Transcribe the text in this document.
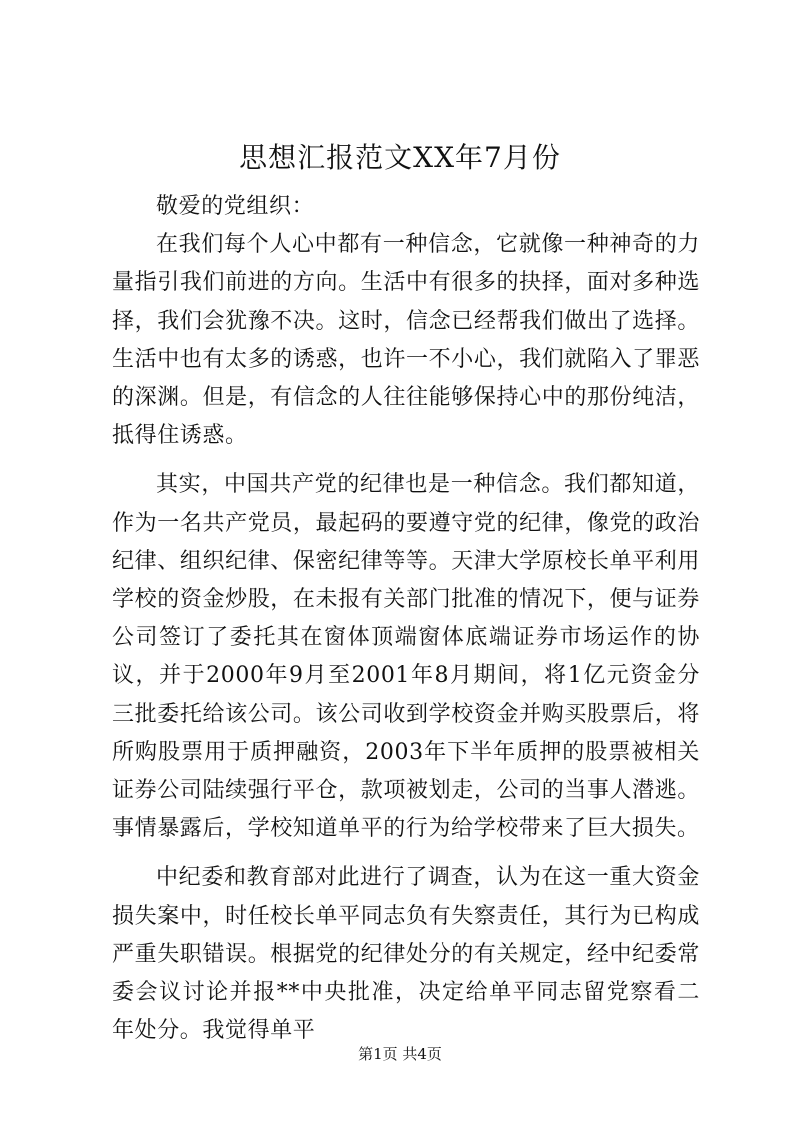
思想汇报范文XX年7月份

敬爱的党组织：

在我们每个人心中都有一种信念，它就像一种神奇的力量指引我们前进的方向。生活中有很多的抉择，面对多种选择，我们会犹豫不决。这时，信念已经帮我们做出了选择。生活中也有太多的诱惑，也许一不小心，我们就陷入了罪恶的深渊。但是，有信念的人往往能够保持心中的那份纯洁，抵得住诱惑。

其实，中国共产党的纪律也是一种信念。我们都知道，作为一名共产党员，最起码的要遵守党的纪律，像党的政治纪律、组织纪律、保密纪律等等。天津大学原校长单平利用学校的资金炒股，在未报有关部门批准的情况下，便与证券公司签订了委托其在窗体顶端窗体底端证券市场运作的协议，并于2000年9月至2001年8月期间，将1亿元资金分三批委托给该公司。该公司收到学校资金并购买股票后，将所购股票用于质押融资，2003年下半年质押的股票被相关证券公司陆续强行平仓，款项被划走，公司的当事人潜逃。事情暴露后，学校知道单平的行为给学校带来了巨大损失。

中纪委和教育部对此进行了调查，认为在这一重大资金损失案中，时任校长单平同志负有失察责任，其行为已构成严重失职错误。根据党的纪律处分的有关规定，经中纪委常委会议讨论并报**中央批准，决定给单平同志留党察看二年处分。我觉得单平

第1页 共4页
